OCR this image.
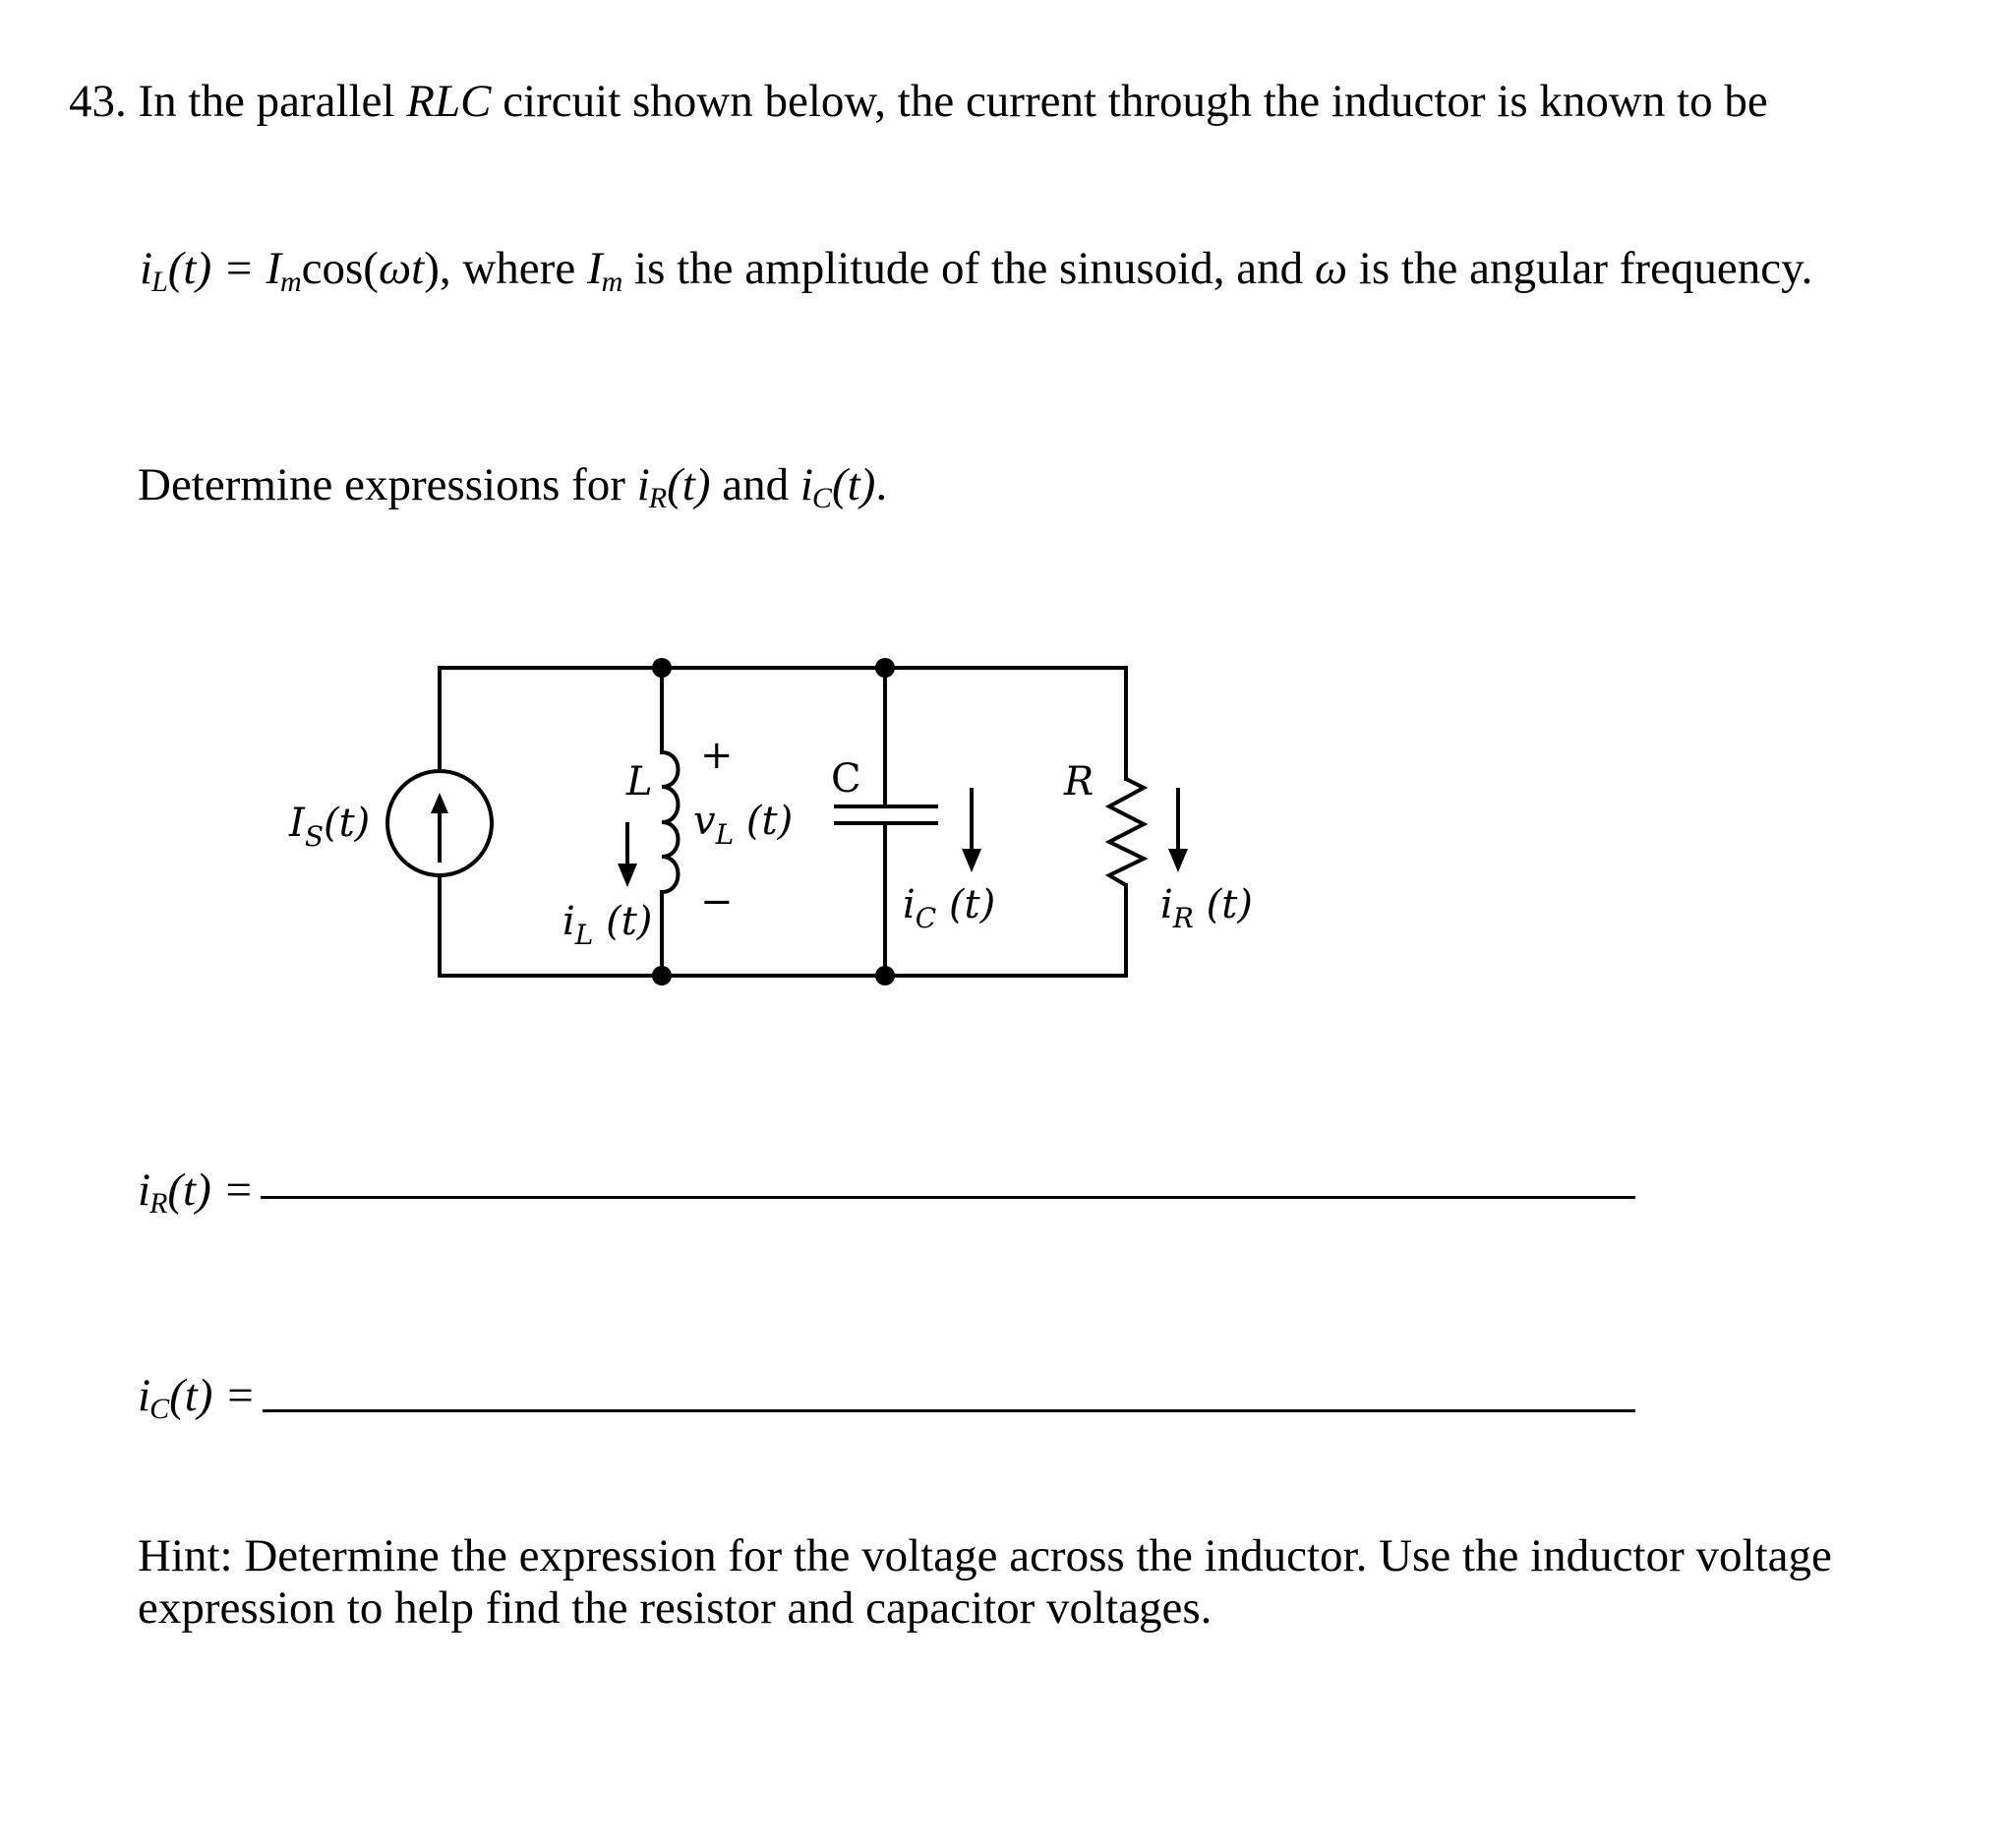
43. In the parallel RLC circuit shown below, the current through the inductor is known to be
iL(t) = Imcos(ωt), where Im is the amplitude of the sinusoid, and ω is the angular frequency.
Determine expressions for iR(t) and iC(t).
$I_S(t)$
L
$i_L$ (t)
+
−
$v_L$ (t)
C
$i_C$ (t)
R
$i_R$ (t)
iR(t) =
iC(t) =
Hint: Determine the expression for the voltage across the inductor. Use the inductor voltage expression to help find the resistor and capacitor voltages.
